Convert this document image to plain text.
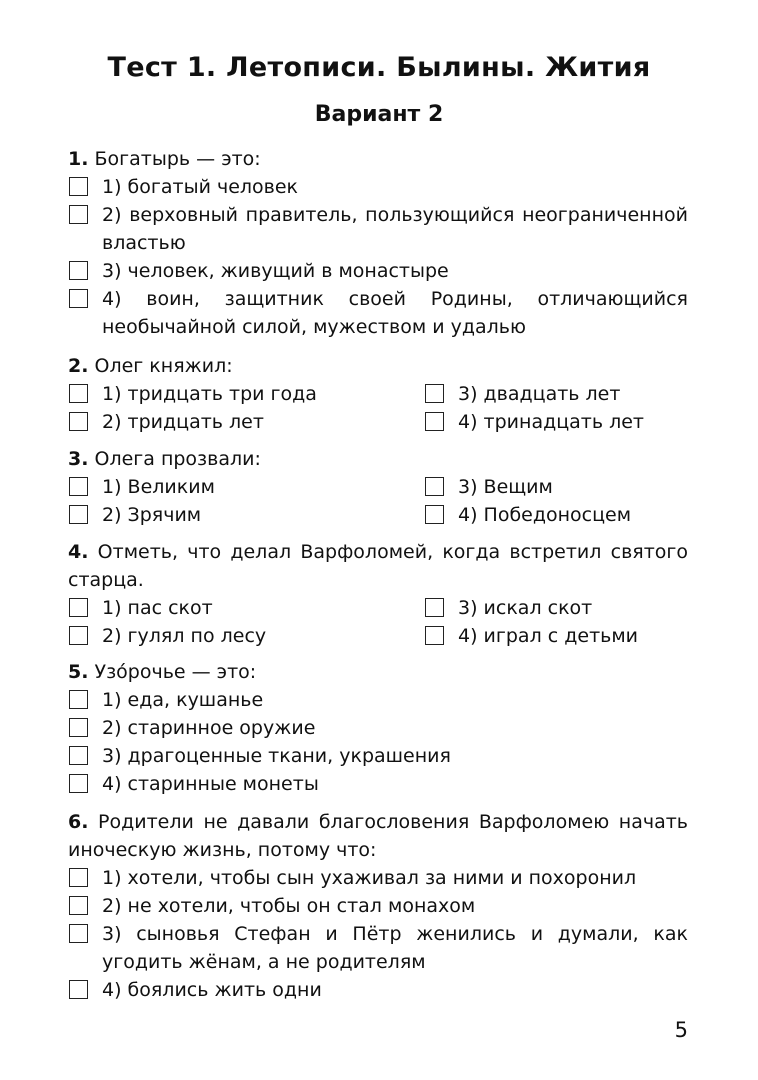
Тест 1. Летописи. Былины. Жития
Вариант 2

1. Богатырь — это:

1) богатый человек
2) верховный правитель, пользующийся неограниченной властью
3) человек, живущий в монастыре
4) воин, защитник своей Родины, отличающийся необычайной силой, мужеством и удалью

2. Олег княжил:

1) тридцать три года	3) двадцать лет
2) тридцать лет	4) тринадцать лет

3. Олега прозвали:

1) Великим	3) Вещим
2) Зрячим	4) Победоносцем

4. Отметь, что делал Варфоломей, когда встретил святого старца.

1) пас скот	3) искал скот
2) гулял по лесу	4) играл с детьми

5. Узóрочье — это:

1) еда, кушанье
2) старинное оружие
3) драгоценные ткани, украшения
4) старинные монеты

6. Родители не давали благословения Варфоломею начать иноческую жизнь, потому что:

1) хотели, чтобы сын ухаживал за ними и похоронил
2) не хотели, чтобы он стал монахом
3) сыновья Стефан и Пётр женились и думали, как угодить жёнам, а не родителям
4) боялись жить одни
5
